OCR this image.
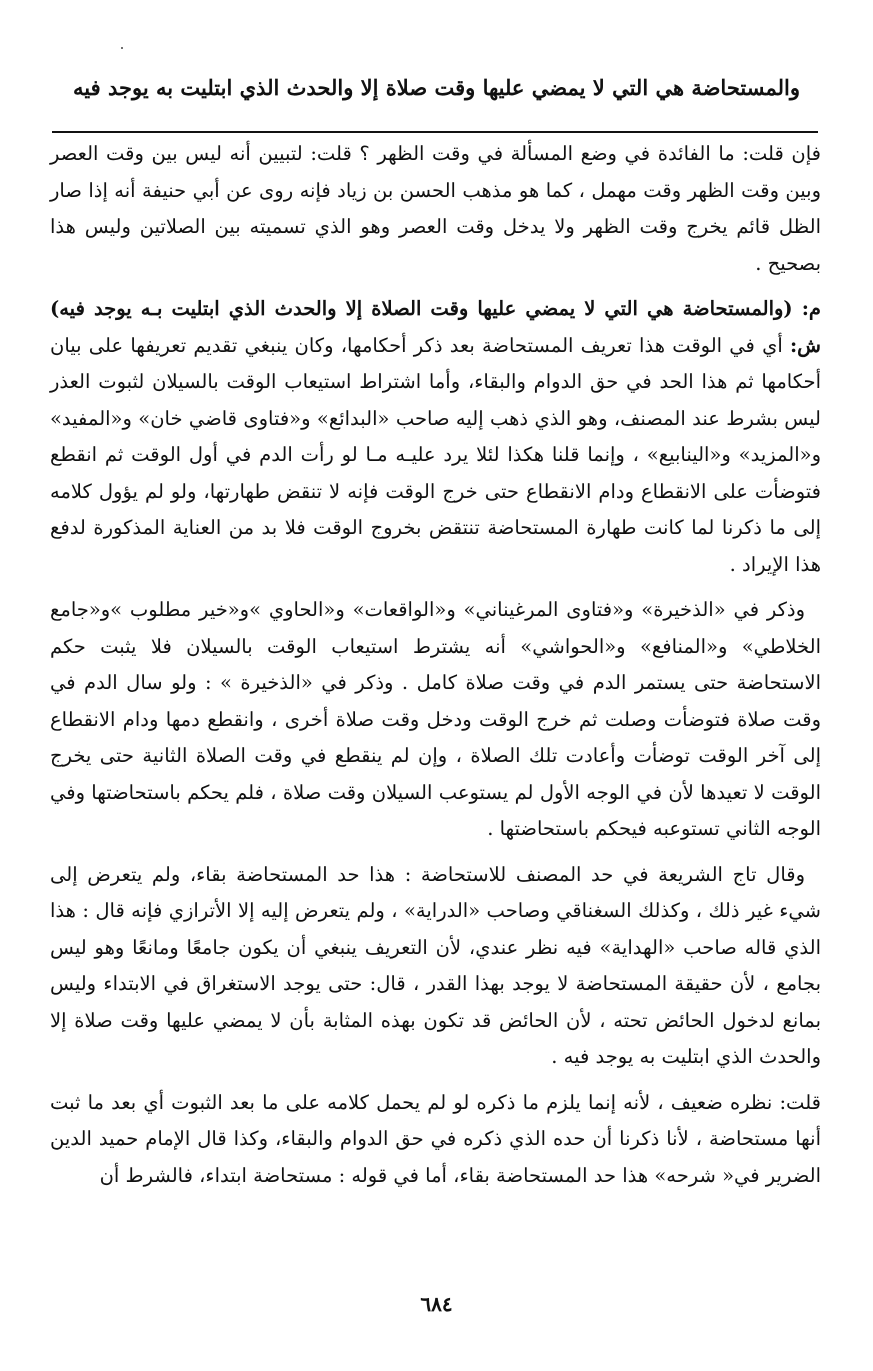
والمستحاضة هي التي لا يمضي عليها وقت صلاة إلا والحدث الذي ابتليت به يوجد فيه

فإن قلت: ما الفائدة في وضع المسألة في وقت الظهر ؟ قلت: لتبيين أنه ليس بين وقت العصر وبين وقت الظهر وقت مهمل ، كما هو مذهب الحسن بن زياد فإنه روى عن أبي حنيفة أنه إذا صار الظل قائم يخرج وقت الظهر ولا يدخل وقت العصر وهو الذي تسميته بين الصلاتين وليس هذا بصحيح .

م: (والمستحاضة هي التي لا يمضي عليها وقت الصلاة إلا والحدث الذي ابتليت بـه يوجد فيه) ش: أي في الوقت هذا تعريف المستحاضة بعد ذكر أحكامها، وكان ينبغي تقديم تعريفها على بيان أحكامها ثم هذا الحد في حق الدوام والبقاء، وأما اشتراط استيعاب الوقت بالسيلان لثبوت العذر ليس بشرط عند المصنف، وهو الذي ذهب إليه صاحب «البدائع» و«فتاوى قاضي خان» و«المفيد» و«المزيد» و«الينابيع» ، وإنما قلنا هكذا لئلا يرد عليـه مـا لو رأت الدم في أول الوقت ثم انقطع فتوضأت على الانقطاع ودام الانقطاع حتى خرج الوقت فإنه لا تنقض طهارتها، ولو لم يؤول كلامه إلى ما ذكرنا لما كانت طهارة المستحاضة تنتقض بخروج الوقت فلا بد من العناية المذكورة لدفع هذا الإيراد .

وذكر في «الذخيرة» و«فتاوى المرغيناني» و«الواقعات» و«الحاوي »و«خير مطلوب »و«جامع الخلاطي» و«المنافع» و«الحواشي» أنه يشترط استيعاب الوقت بالسيلان فلا يثبت حكم الاستحاضة حتى يستمر الدم في وقت صلاة كامل . وذكر في «الذخيرة » : ولو سال الدم في وقت صلاة فتوضأت وصلت ثم خرج الوقت ودخل وقت صلاة أخرى ، وانقطع دمها ودام الانقطاع إلى آخر الوقت توضأت وأعادت تلك الصلاة ، وإن لم ينقطع في وقت الصلاة الثانية حتى يخرج الوقت لا تعيدها لأن في الوجه الأول لم يستوعب السيلان وقت صلاة ، فلم يحكم باستحاضتها وفي الوجه الثاني تستوعبه فيحكم باستحاضتها .

وقال تاج الشريعة في حد المصنف للاستحاضة : هذا حد المستحاضة بقاء، ولم يتعرض إلى شيء غير ذلك ، وكذلك السغناقي وصاحب «الدراية» ، ولم يتعرض إليه إلا الأترازي فإنه قال : هذا الذي قاله صاحب «الهداية» فيه نظر عندي، لأن التعريف ينبغي أن يكون جامعًا ومانعًا وهو ليس بجامع ، لأن حقيقة المستحاضة لا يوجد بهذا القدر ، قال: حتى يوجد الاستغراق في الابتداء وليس بمانع لدخول الحائض تحته ، لأن الحائض قد تكون بهذه المثابة بأن لا يمضي عليها وقت صلاة إلا والحدث الذي ابتليت به يوجد فيه .

قلت: نظره ضعيف ، لأنه إنما يلزم ما ذكره لو لم يحمل كلامه على ما بعد الثبوت أي بعد ما ثبت أنها مستحاضة ، لأنا ذكرنا أن حده الذي ذكره في حق الدوام والبقاء، وكذا قال الإمام حميد الدين الضرير في« شرحه» هذا حد المستحاضة بقاء، أما في قوله : مستحاضة ابتداء، فالشرط أن

٦٨٤
